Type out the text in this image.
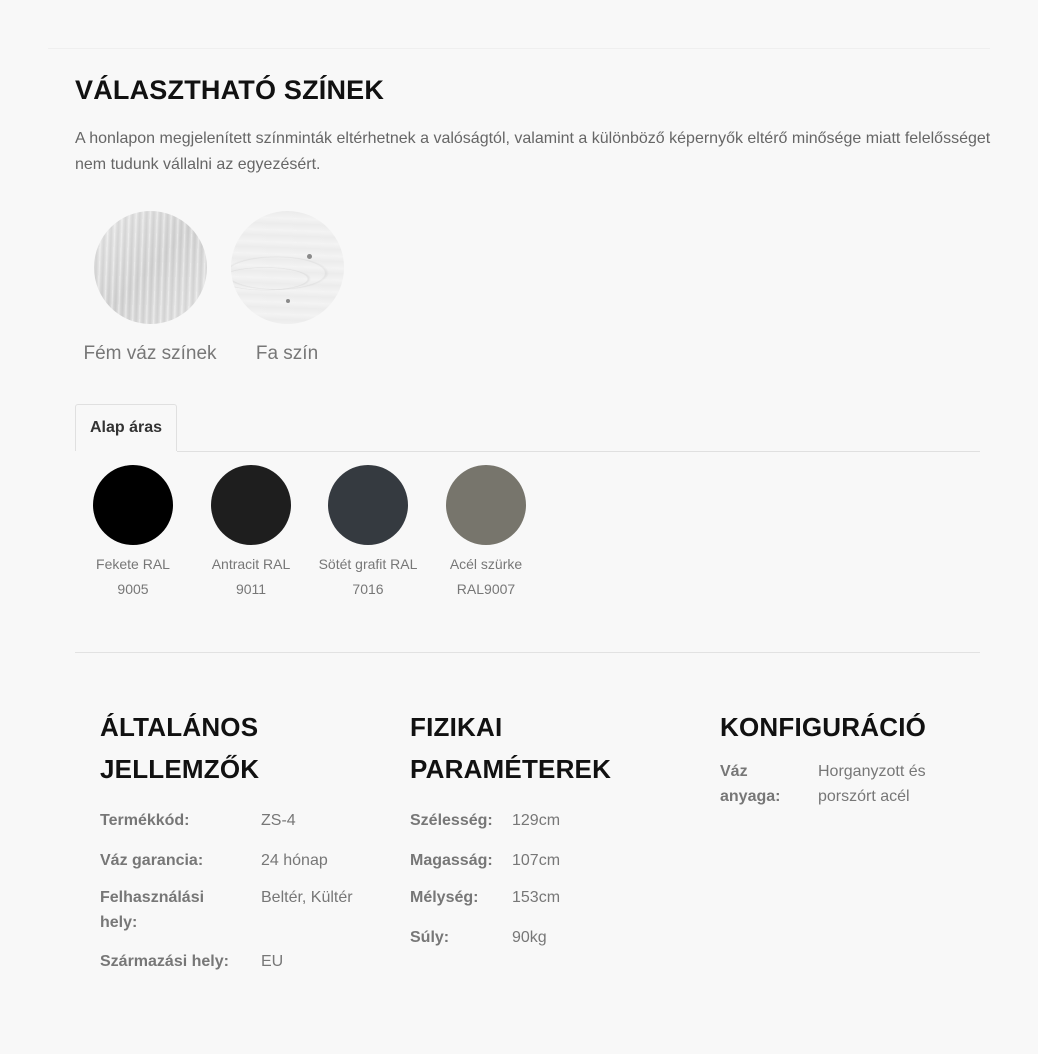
VÁLASZTHATÓ SZÍNEK

A honlapon megjelenített színminták eltérhetnek a valóságtól, valamint a különböző képernyők eltérő minősége miatt felelősséget nem tudunk vállalni az egyezésért.

Fém váz színek	Fa szín
Alap áras
Fekete RAL
9005
Antracit RAL
9011
Sötét grafit RAL
7016
Acél szürke
RAL9007
ÁLTALÁNOS
JELLEMZŐK
Termékkód:	ZS-4
Váz garancia:	24 hónap
Felhasználási
hely:
Beltér, Kültér
Származási hely: EU
FIZIKAI
PARAMÉTEREK
Szélesség: 129cm
Magasság: 107cm
Mélység: 153cm
Súly:	90kg
KONFIGURÁCIÓ
Váz
anyaga:
Horganyzott és
porszórt acél
